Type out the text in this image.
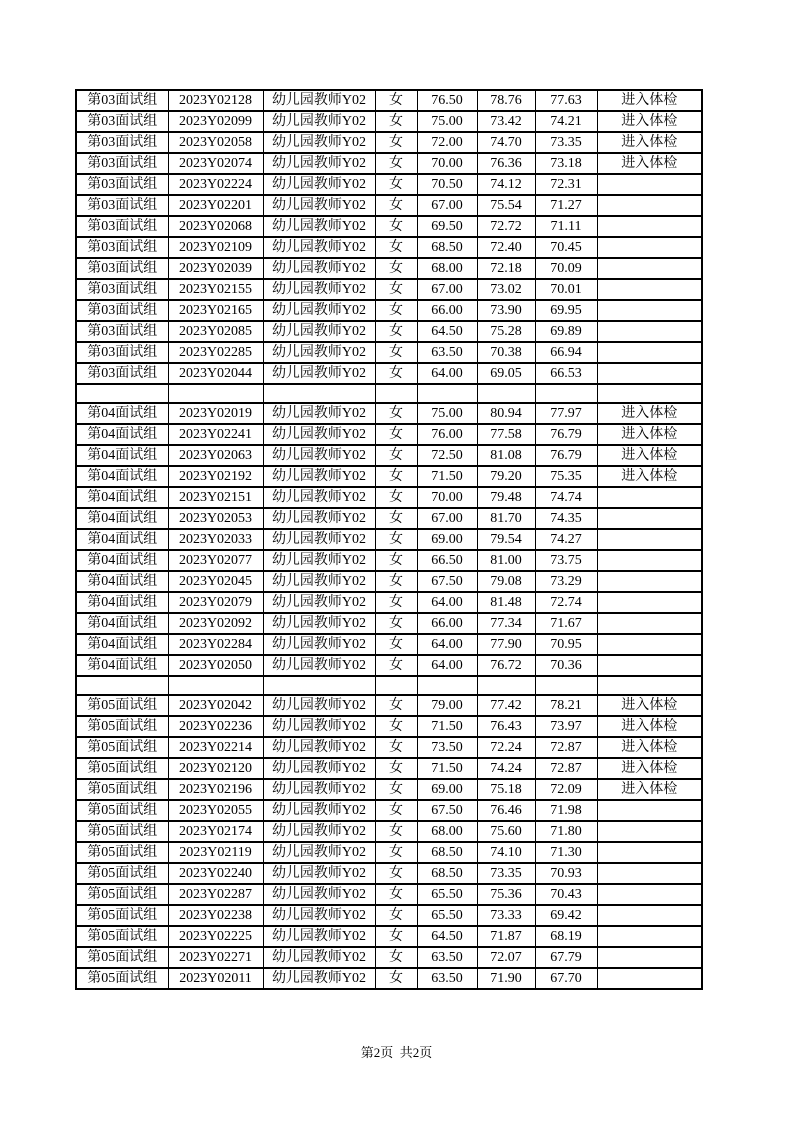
第03面试组	2023Y02128	幼儿园教师Y02	女	76.50	78.76	77.63	进入体检
第03面试组	2023Y02099	幼儿园教师Y02	女	75.00	73.42	74.21	进入体检
第03面试组	2023Y02058	幼儿园教师Y02	女	72.00	74.70	73.35	进入体检
第03面试组	2023Y02074	幼儿园教师Y02	女	70.00	76.36	73.18	进入体检
第03面试组	2023Y02224	幼儿园教师Y02	女	70.50	74.12	72.31	
第03面试组	2023Y02201	幼儿园教师Y02	女	67.00	75.54	71.27	
第03面试组	2023Y02068	幼儿园教师Y02	女	69.50	72.72	71.11	
第03面试组	2023Y02109	幼儿园教师Y02	女	68.50	72.40	70.45	
第03面试组	2023Y02039	幼儿园教师Y02	女	68.00	72.18	70.09	
第03面试组	2023Y02155	幼儿园教师Y02	女	67.00	73.02	70.01	
第03面试组	2023Y02165	幼儿园教师Y02	女	66.00	73.90	69.95	
第03面试组	2023Y02085	幼儿园教师Y02	女	64.50	75.28	69.89	
第03面试组	2023Y02285	幼儿园教师Y02	女	63.50	70.38	66.94	
第03面试组	2023Y02044	幼儿园教师Y02	女	64.00	69.05	66.53	

第04面试组	2023Y02019	幼儿园教师Y02	女	75.00	80.94	77.97	进入体检
第04面试组	2023Y02241	幼儿园教师Y02	女	76.00	77.58	76.79	进入体检
第04面试组	2023Y02063	幼儿园教师Y02	女	72.50	81.08	76.79	进入体检
第04面试组	2023Y02192	幼儿园教师Y02	女	71.50	79.20	75.35	进入体检
第04面试组	2023Y02151	幼儿园教师Y02	女	70.00	79.48	74.74	
第04面试组	2023Y02053	幼儿园教师Y02	女	67.00	81.70	74.35	
第04面试组	2023Y02033	幼儿园教师Y02	女	69.00	79.54	74.27	
第04面试组	2023Y02077	幼儿园教师Y02	女	66.50	81.00	73.75	
第04面试组	2023Y02045	幼儿园教师Y02	女	67.50	79.08	73.29	
第04面试组	2023Y02079	幼儿园教师Y02	女	64.00	81.48	72.74	
第04面试组	2023Y02092	幼儿园教师Y02	女	66.00	77.34	71.67	
第04面试组	2023Y02284	幼儿园教师Y02	女	64.00	77.90	70.95	
第04面试组	2023Y02050	幼儿园教师Y02	女	64.00	76.72	70.36	

第05面试组	2023Y02042	幼儿园教师Y02	女	79.00	77.42	78.21	进入体检
第05面试组	2023Y02236	幼儿园教师Y02	女	71.50	76.43	73.97	进入体检
第05面试组	2023Y02214	幼儿园教师Y02	女	73.50	72.24	72.87	进入体检
第05面试组	2023Y02120	幼儿园教师Y02	女	71.50	74.24	72.87	进入体检
第05面试组	2023Y02196	幼儿园教师Y02	女	69.00	75.18	72.09	进入体检
第05面试组	2023Y02055	幼儿园教师Y02	女	67.50	76.46	71.98	
第05面试组	2023Y02174	幼儿园教师Y02	女	68.00	75.60	71.80	
第05面试组	2023Y02119	幼儿园教师Y02	女	68.50	74.10	71.30	
第05面试组	2023Y02240	幼儿园教师Y02	女	68.50	73.35	70.93	
第05面试组	2023Y02287	幼儿园教师Y02	女	65.50	75.36	70.43	
第05面试组	2023Y02238	幼儿园教师Y02	女	65.50	73.33	69.42	
第05面试组	2023Y02225	幼儿园教师Y02	女	64.50	71.87	68.19	
第05面试组	2023Y02271	幼儿园教师Y02	女	63.50	72.07	67.79	
第05面试组	2023Y02011	幼儿园教师Y02	女	63.50	71.90	67.70	
第2页  共2页
